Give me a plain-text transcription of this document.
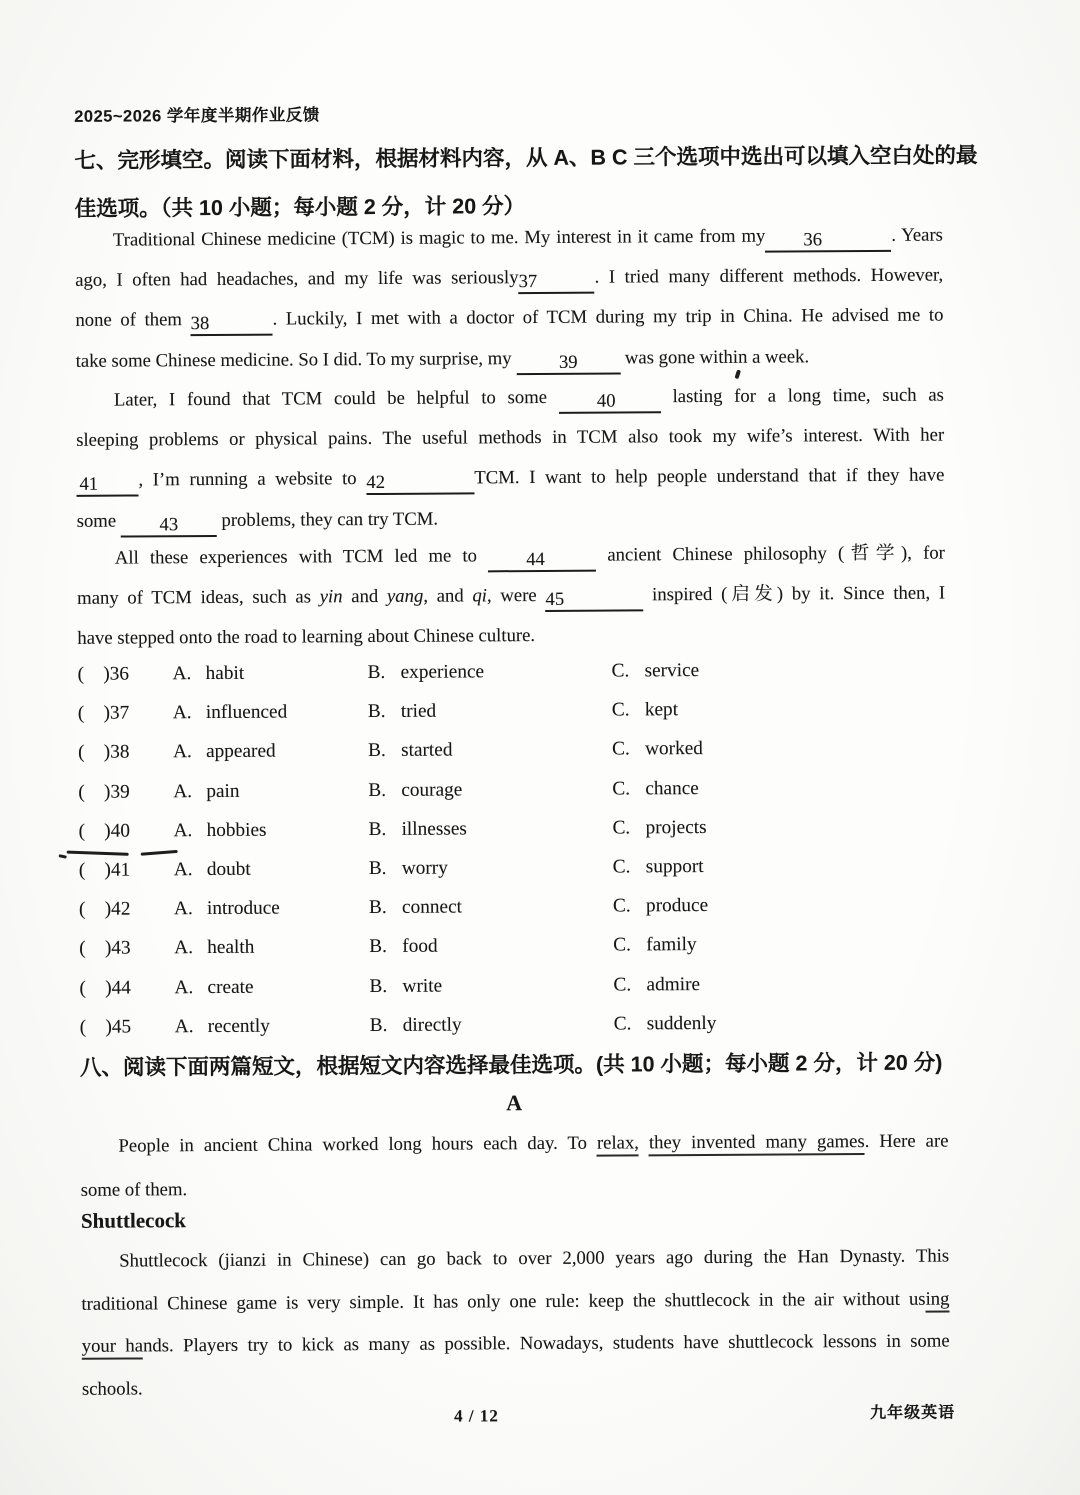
2025~2026 学年度半期作业反馈
七、完形填空。阅读下面材料，根据材料内容，从 A、B C 三个选项中选出可以填入空白处的最
佳选项。（共 10 小题；每小题 2 分，计 20 分）
Traditional Chinese medicine (TCM) is magic to me. My interest in it came from my 36	. Years
ago, I often had headaches, and my life was seriously37	. I tried many different methods. However,
none of them 38	. Luckily, I met with a doctor of TCM during my trip in China. He advised me to
take some Chinese medicine. So I did. To my surprise, my 39 was gone within a week.
Later, I found that TCM could be helpful to some 40 lasting for a long time, such as
sleeping problems or physical pains. The useful methods in TCM also took my wife’s interest. With her
41 , I’m running a website to 42	TCM. I want to help people understand that if they have
some 43 problems, they can try TCM.
All these experiences with TCM led me to 44	ancient Chinese philosophy (哲学), for
many of TCM ideas, such as yin and yang, and qi, were 45	inspired (启发) by it. Since then, I
have stepped onto the road to learning about Chinese culture.
(    )36 A. habit	B. experience	C. service
(    )37 A. influenced	B. tried	C. kept
(    )38 A. appeared	B. started	C. worked
(    )39 A. pain	B. courage	C. chance
(    )40 A. hobbies	B. illnesses	C. projects
(    )41 A. doubt	B. worry	C. support
(    )42 A. introduce	B. connect	C. produce
(    )43 A. health	B. food	C. family
(    )44 A. create	B. write	C. admire
(    )45 A. recently	B. directly	C. suddenly
八、阅读下面两篇短文，根据短文内容选择最佳选项。(共 10 小题；每小题 2 分，计 20 分)
A
People in ancient China worked long hours each day. To relax, they invented many games. Here are
some of them.
Shuttlecock
Shuttlecock (jianzi in Chinese) can go back to over 2,000 years ago during the Han Dynasty. This
traditional Chinese game is very simple. It has only one rule: keep the shuttlecock in the air without using
your hands. Players try to kick as many as possible. Nowadays, students have shuttlecock lessons in some
schools.
4 / 12	九年级英语
